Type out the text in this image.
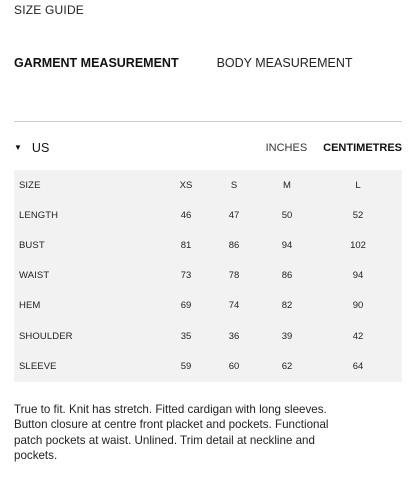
SIZE GUIDE
GARMENT MEASUREMENT	BODY MEASUREMENT
▼ US	INCHES CENTIMETRES
SIZE	XS	S	M	L
LENGTH	46	47	50	52
BUST	81	86	94	102
WAIST	73	78	86	94
HEM	69	74	82	90
SHOULDER	35	36	39	42
SLEEVE	59	60	62	64

True to fit. Knit has stretch. Fitted cardigan with long sleeves. Button closure at centre front placket and pockets. Functional patch pockets at waist. Unlined. Trim detail at neckline and pockets.
